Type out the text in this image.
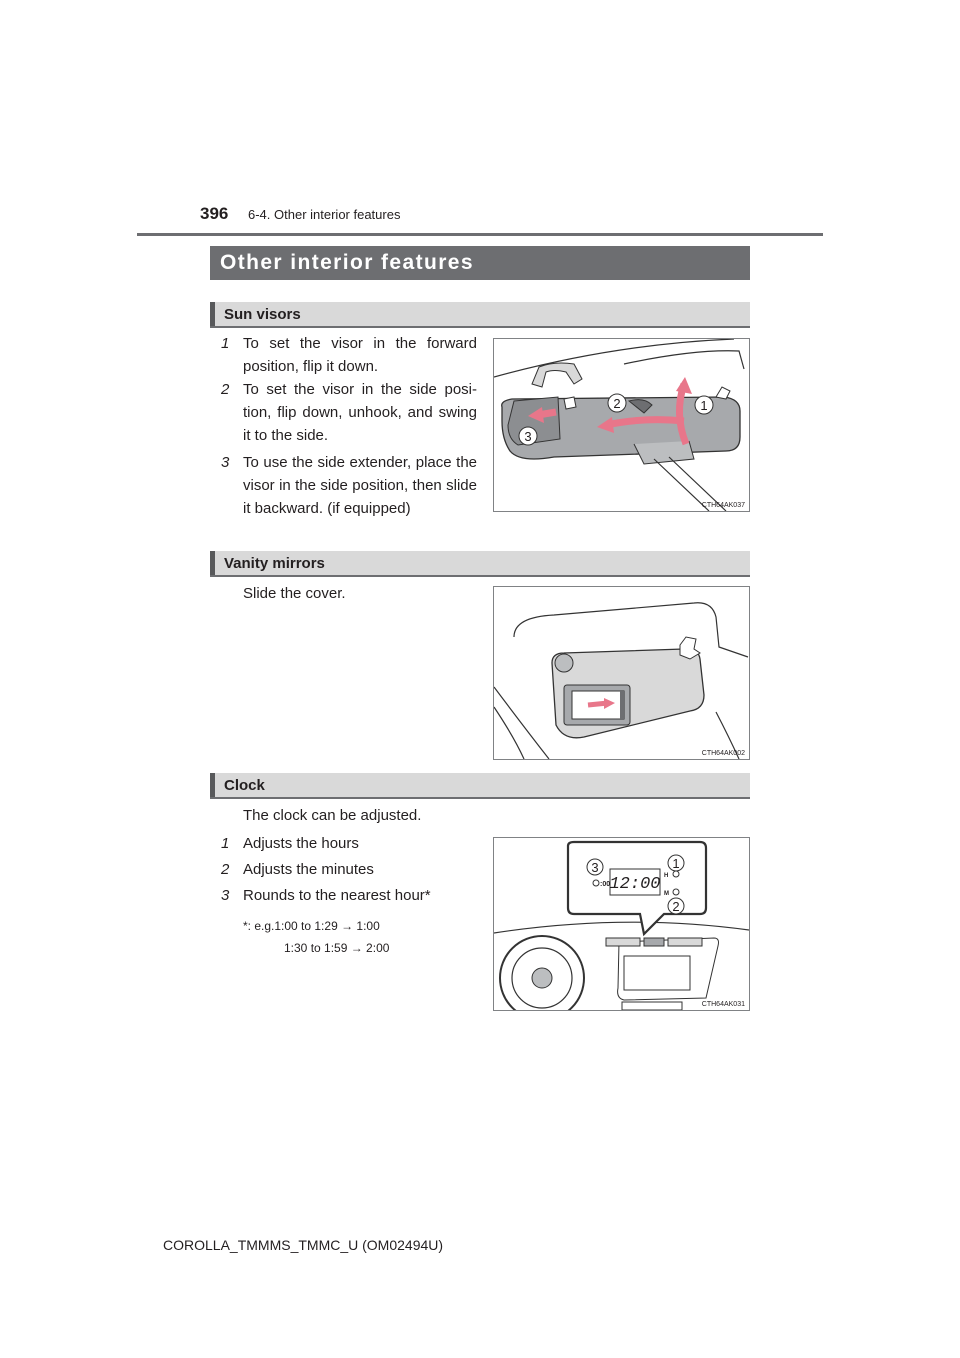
396 6-4. Other interior features
Other interior features
Sun visors
1 To set the visor in the forward position, flip it down.
2 To set the visor in the side posi-tion, flip down, unhook, and swing it to the side.
3 To use the side extender, place the visor in the side position, then slide it backward. (if equipped)
2	1
3
CTH64AK037
Vanity mirrors
Slide the cover.
CTH64AK002
Clock
The clock can be adjusted.
1 Adjusts the hours
2 Adjusts the minutes
3 Rounds to the nearest hour*
*: e.g.1:00 to 1:29 → 1:00
1:30 to 1:59 → 2:00
12:00
:00
H
M
3	1
2
CTH64AK031
COROLLA_TMMMS_TMMC_U (OM02494U)
